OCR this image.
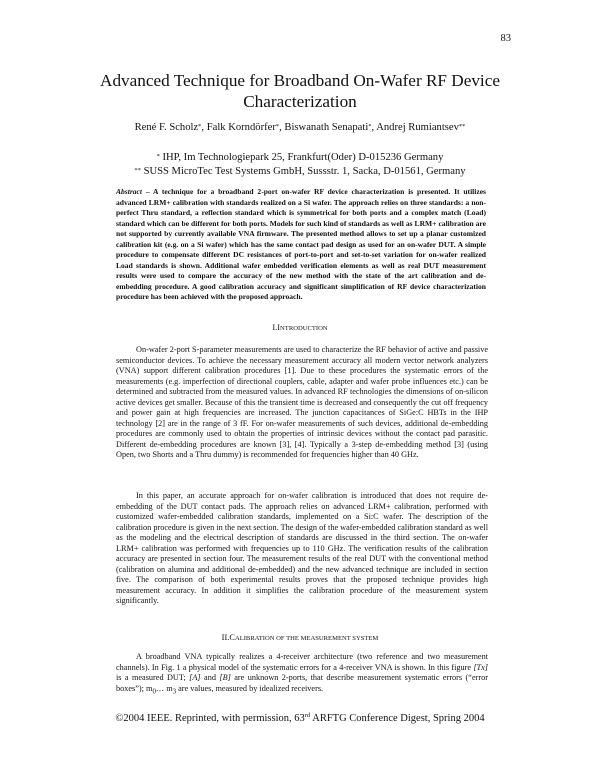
83
Advanced Technique for Broadband On-Wafer RF Device
Characterization
René F. Scholz*, Falk Korndörfer*, Biswanath Senapati*, Andrej Rumiantsev**
* IHP, Im Technologiepark 25, Frankfurt(Oder) D-015236 Germany
** SUSS MicroTec Test Systems GmbH, Sussstr. 1, Sacka, D-01561, Germany
Abstract – A technique for a broadband 2-port on-wafer RF device characterization is presented. It utilizes advanced LRM+ calibration with standards realized on a Si wafer. The approach relies on three standards: a non-perfect Thru standard, a reflection standard which is symmetrical for both ports and a complex match (Load) standard which can be different for both ports. Models for such kind of standards as well as LRM+ calibration are not supported by currently available VNA firmware. The presented method allows to set up a planar customized calibration kit (e.g. on a Si wafer) which has the same contact pad design as used for an on-wafer DUT. A simple procedure to compensate different DC resistances of port-to-port and set-to-set variation for on-wafer realized Load standards is shown. Additional wafer embedded verification elements as well as real DUT measurement results were used to compare the accuracy of the new method with the state of the art calibration and de-embedding procedure. A good calibration accuracy and significant simplification of RF device characterization procedure has been achieved with the proposed approach.
I.INTRODUCTION

On-wafer 2-port S-parameter measurements are used to characterize the RF behavior of active and passive semiconductor devices. To achieve the necessary measurement accuracy all modern vector network analyzers (VNA) support different calibration procedures [1]. Due to these procedures the systematic errors of the measurements (e.g. imperfection of directional couplers, cable, adapter and wafer probe influences etc.) can be determined and subtracted from the measured values. In advanced RF technologies the dimensions of on-silicon active devices get smaller. Because of this the transient time is decreased and consequently the cut off frequency and power gain at high frequencies are increased. The junction capacitances of SiGe:C HBTs in the IHP technology [2] are in the range of 3 fF. For on-wafer measurements of such devices, additional de-embedding procedures are commonly used to obtain the properties of intrinsic devices without the contact pad parasitic. Different de-embedding procedures are known [3], [4]. Typically a 3-step de-embedding method [3] (using Open, two Shorts and a Thru dummy) is recommended for frequencies higher than 40 GHz.

In this paper, an accurate approach for on-wafer calibration is introduced that does not require de-embedding of the DUT contact pads. The approach relies on advanced LRM+ calibration, performed with customized wafer-embedded calibration standards, implemented on a Si:C wafer. The description of the calibration procedure is given in the next section. The design of the wafer-embedded calibration standard as well as the modeling and the electrical description of standards are discussed in the third section. The on-wafer LRM+ calibration was performed with frequencies up to 110 GHz. The verification results of the calibration accuracy are presented in section four. The measurement results of the real DUT with the conventional method (calibration on alumina and additional de-embedded) and the new advanced technique are included in section five. The comparison of both experimental results proves that the proposed technique provides high measurement accuracy. In addition it simplifies the calibration procedure of the measurement system significantly.

II.CALIBRATION OF THE MEASUREMENT SYSTEM

A broadband VNA typically realizes a 4-receiver architecture (two reference and two measurement channels). In Fig. 1 a physical model of the systematic errors for a 4-receiver VNA is shown. In this figure [Tx] is a measured DUT; [A] and [B] are unknown 2-ports, that describe measurement systematic errors (“error boxes”); $m_0\dots$ $m_3$ are values, measured by idealized receivers.

©2004 IEEE. Reprinted, with permission, 63rd ARFTG Conference Digest, Spring 2004
